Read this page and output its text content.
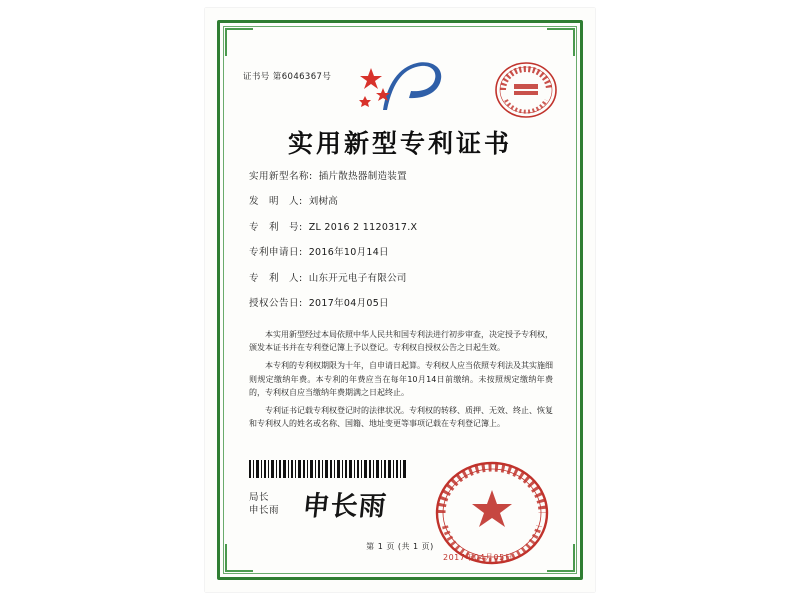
证书号 第6046367号
实用新型专利证书
实用新型名称: 插片散热器制造装置
发　明　人: 刘树高
专　利　号: ZL 2016 2 1120317.X
专利申请日: 2016年10月14日
专　利　人: 山东开元电子有限公司
授权公告日: 2017年04月05日

本实用新型经过本局依照中华人民共和国专利法进行初步审查，决定授予专利权，颁发本证书并在专利登记簿上予以登记。专利权自授权公告之日起生效。

本专利的专利权期限为十年，自申请日起算。专利权人应当依照专利法及其实施细则规定缴纳年费。本专利的年费应当在每年10月14日前缴纳。未按照规定缴纳年费的，专利权自应当缴纳年费期满之日起终止。

专利证书记载专利权登记时的法律状况。专利权的转移、质押、无效、终止、恢复和专利权人的姓名或名称、国籍、地址变更等事项记载在专利登记簿上。

局长
申长雨 申长雨
2017年04月05日
第 1 页 (共 1 页)
